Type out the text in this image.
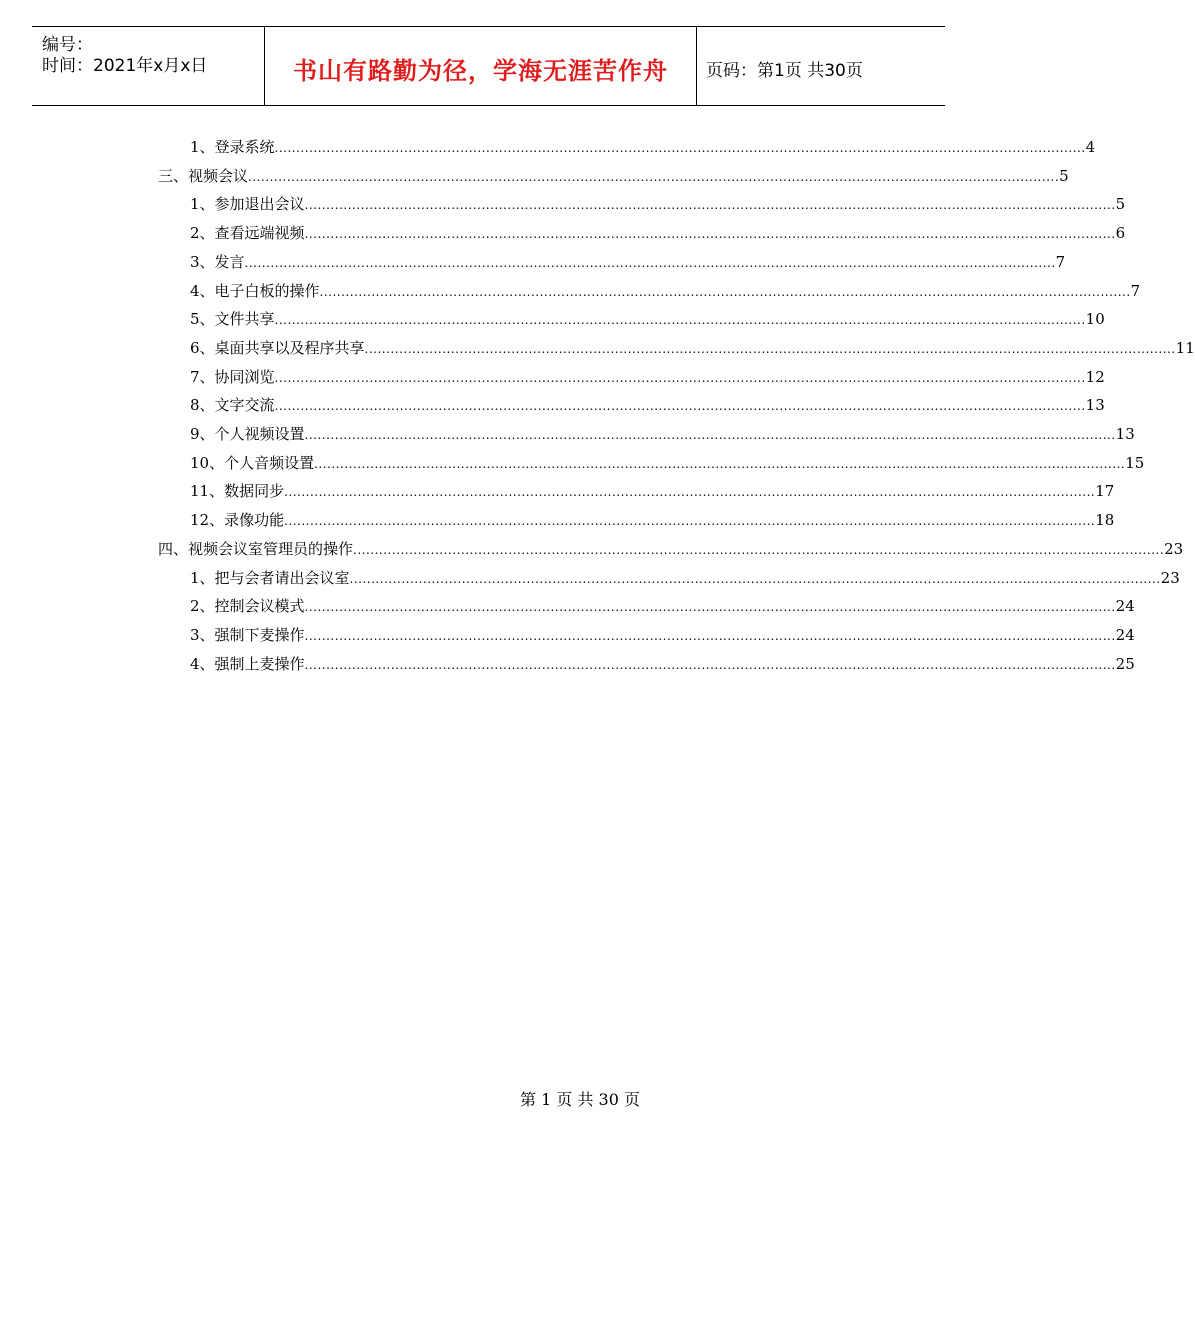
编号：
时间：2021年x月x日	书山有路勤为径，学海无涯苦作舟	页码：第1页 共30页
1、登录系统 ............................................................................................................................................................................................ 4
三、视频会议 ............................................................................................................................................................................................ 5
1、参加退出会议 ............................................................................................................................................................................................ 5
2、查看远端视频 ............................................................................................................................................................................................ 6
3、发言 ............................................................................................................................................................................................ 7
4、电子白板的操作 ............................................................................................................................................................................................ 7
5、文件共享 ............................................................................................................................................................................................ 10
6、桌面共享以及程序共享 ............................................................................................................................................................................................ 11
7、协同浏览 ............................................................................................................................................................................................ 12
8、文字交流 ............................................................................................................................................................................................ 13
9、个人视频设置 ............................................................................................................................................................................................ 13
10、个人音频设置 ............................................................................................................................................................................................ 15
11、数据同步 ............................................................................................................................................................................................ 17
12、录像功能 ............................................................................................................................................................................................ 18
四、视频会议室管理员的操作 ............................................................................................................................................................................................ 23
1、把与会者请出会议室 ............................................................................................................................................................................................ 23
2、控制会议模式 ............................................................................................................................................................................................ 24
3、强制下麦操作 ............................................................................................................................................................................................ 24
4、强制上麦操作 ............................................................................................................................................................................................ 25
第 1 页 共 30 页
